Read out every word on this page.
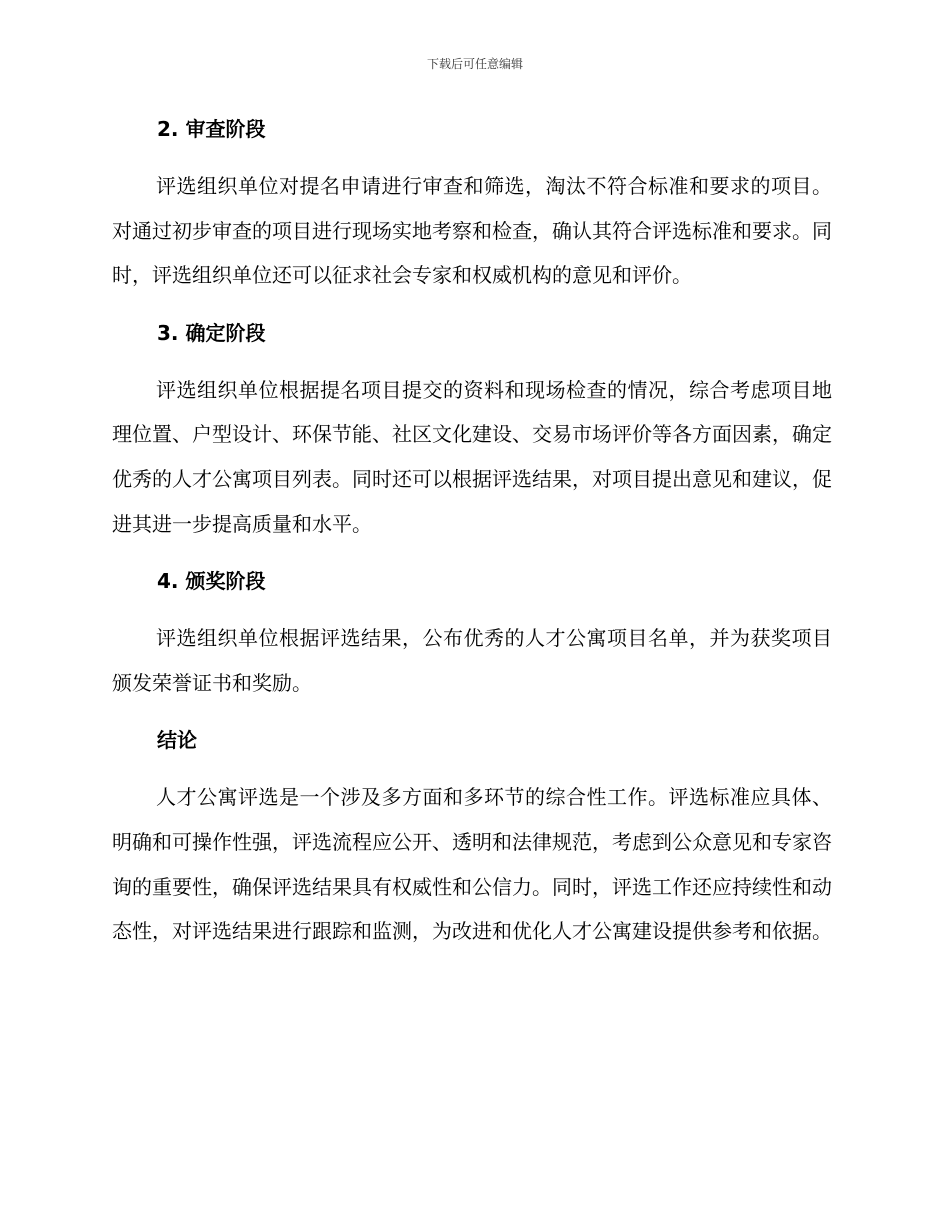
下载后可任意编辑
2. 审查阶段

评选组织单位对提名申请进行审查和筛选，淘汰不符合标准和要求的项目。对通过初步审查的项目进行现场实地考察和检查，确认其符合评选标准和要求。同时，评选组织单位还可以征求社会专家和权威机构的意见和评价。

3. 确定阶段

评选组织单位根据提名项目提交的资料和现场检查的情况，综合考虑项目地理位置、户型设计、环保节能、社区文化建设、交易市场评价等各方面因素，确定优秀的人才公寓项目列表。同时还可以根据评选结果，对项目提出意见和建议，促进其进一步提高质量和水平。

4. 颁奖阶段

评选组织单位根据评选结果，公布优秀的人才公寓项目名单，并为获奖项目颁发荣誉证书和奖励。

结论

人才公寓评选是一个涉及多方面和多环节的综合性工作。评选标准应具体、明确和可操作性强，评选流程应公开、透明和法律规范，考虑到公众意见和专家咨询的重要性，确保评选结果具有权威性和公信力。同时，评选工作还应持续性和动态性，对评选结果进行跟踪和监测，为改进和优化人才公寓建设提供参考和依据。
